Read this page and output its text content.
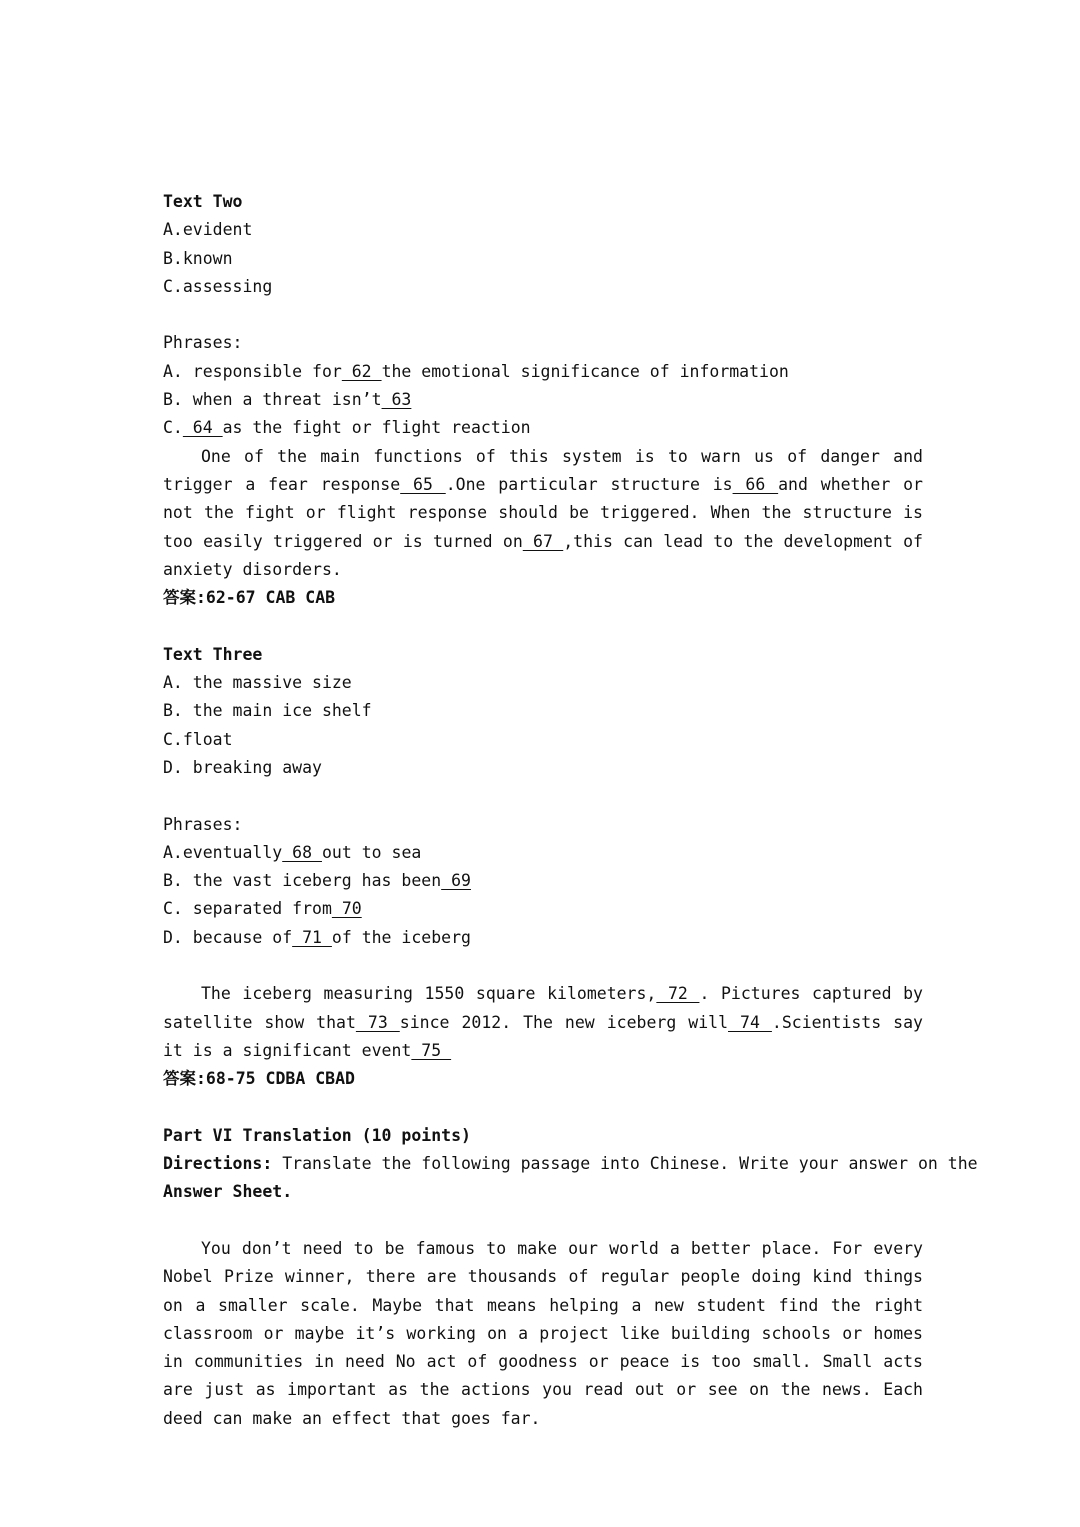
Text Two
A.evident
B.known
C.assessing
Phrases:
A. responsible for 62 the emotional significance of information
B. when a threat isn’t 63
C. 64 as the fight or flight reaction

One of the main functions of this system is to warn us of danger and trigger a fear response 65 .One particular structure is 66 and whether or not the fight or flight response should be triggered. When the structure is too easily triggered or is turned on 67 ,this can lead to the development of anxiety disorders.

答案:62-67 CAB CAB
Text Three
A. the massive size
B. the main ice shelf
C.float
D. breaking away
Phrases:
A.eventually 68 out to sea
B. the vast iceberg has been 69
C. separated from 70
D. because of 71 of the iceberg

The iceberg measuring 1550 square kilometers, 72 . Pictures captured by satellite show that 73 since 2012. The new iceberg will 74 .Scientists say it is a significant event 75

答案:68-75 CDBA CBAD
Part VI Translation (10 points)
Directions: Translate the following passage into Chinese. Write your answer on the
Answer Sheet.

You don’t need to be famous to make our world a better place. For every Nobel Prize winner, there are thousands of regular people doing kind things on a smaller scale. Maybe that means helping a new student find the right classroom or maybe it’s working on a project like building schools or homes in communities in need No act of goodness or peace is too small. Small acts are just as important as the actions you read out or see on the news. Each deed can make an effect that goes far.
